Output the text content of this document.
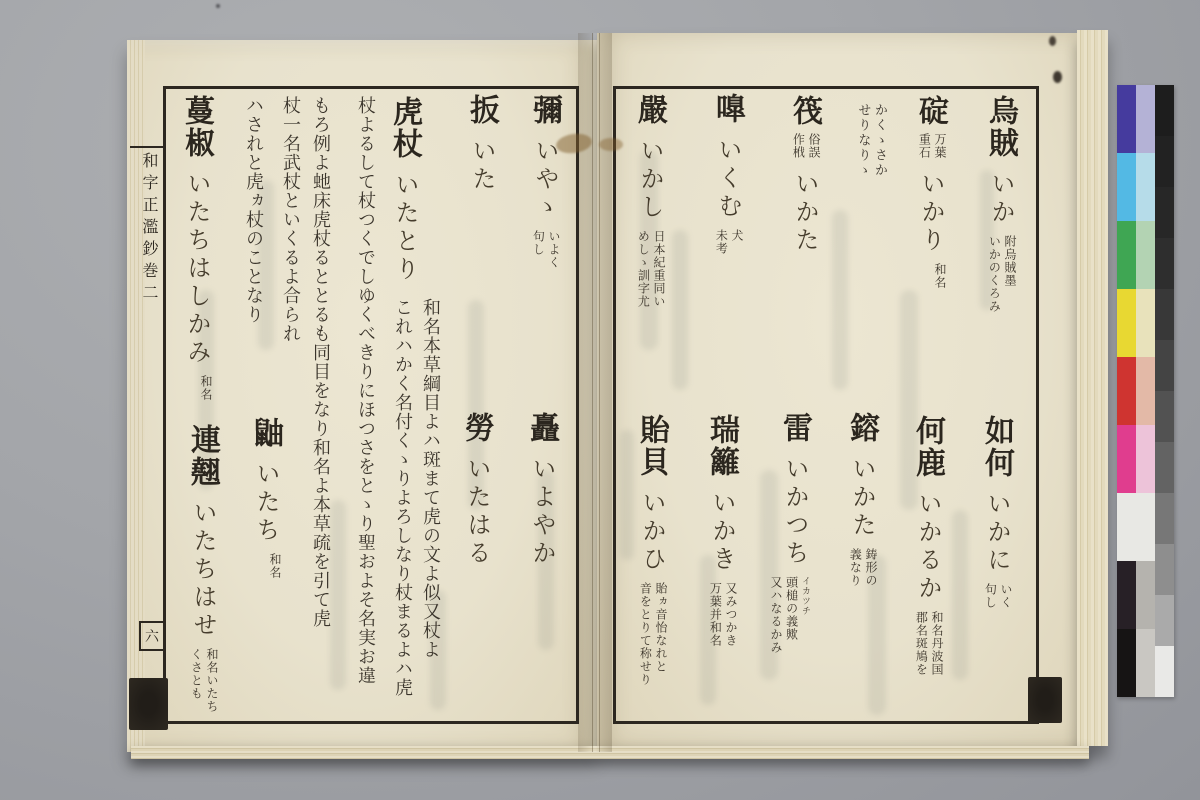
和字正濫鈔巻二
六
烏賊いか
附烏賊墨
いかのくろみ
如何いかに
いく
句し
碇
万葉
重石
いかり
和名
何鹿いかるか
和名丹波国
郡名斑鳩を
かくゝさか
せりなりゝ
鎔いかた
鋳形の
義なり
筏
俗誤
作栰
いかた
雷いかつち
イカツチ
頭槌の義歟
又ハなるかみ
嘷いくむ
犬
未考
瑞籬いかき
又みつかき
万葉并和名
嚴いかし
日本紀重同い
めしゝ訓字尤
貽貝いかひ
貽ヵ音怡なれと
音をとりて称せり
彌いやゝ
いよく
句し
矗いよやか
扳いた
勞いたはる
虎杖いたとり
和名本草綱目よハ斑まて虎の文よ似又杖よ
これハかく名付くゝりよろしなり杖まるよハ虎
杖よるして杖つくでしゆくべきりにほつさをとゝり聖およそ名実お違
もろ例よ虵床虎杖るととるも同目をなり和名よ本草疏を引て虎
杖一名武杖といくるよ合られ
ハされと虎ヵ杖のことなり
鼬いたち
和名
蔓椒いたちはしかみ
和名
連翹いたちはせ
和名いたち
くさとも
